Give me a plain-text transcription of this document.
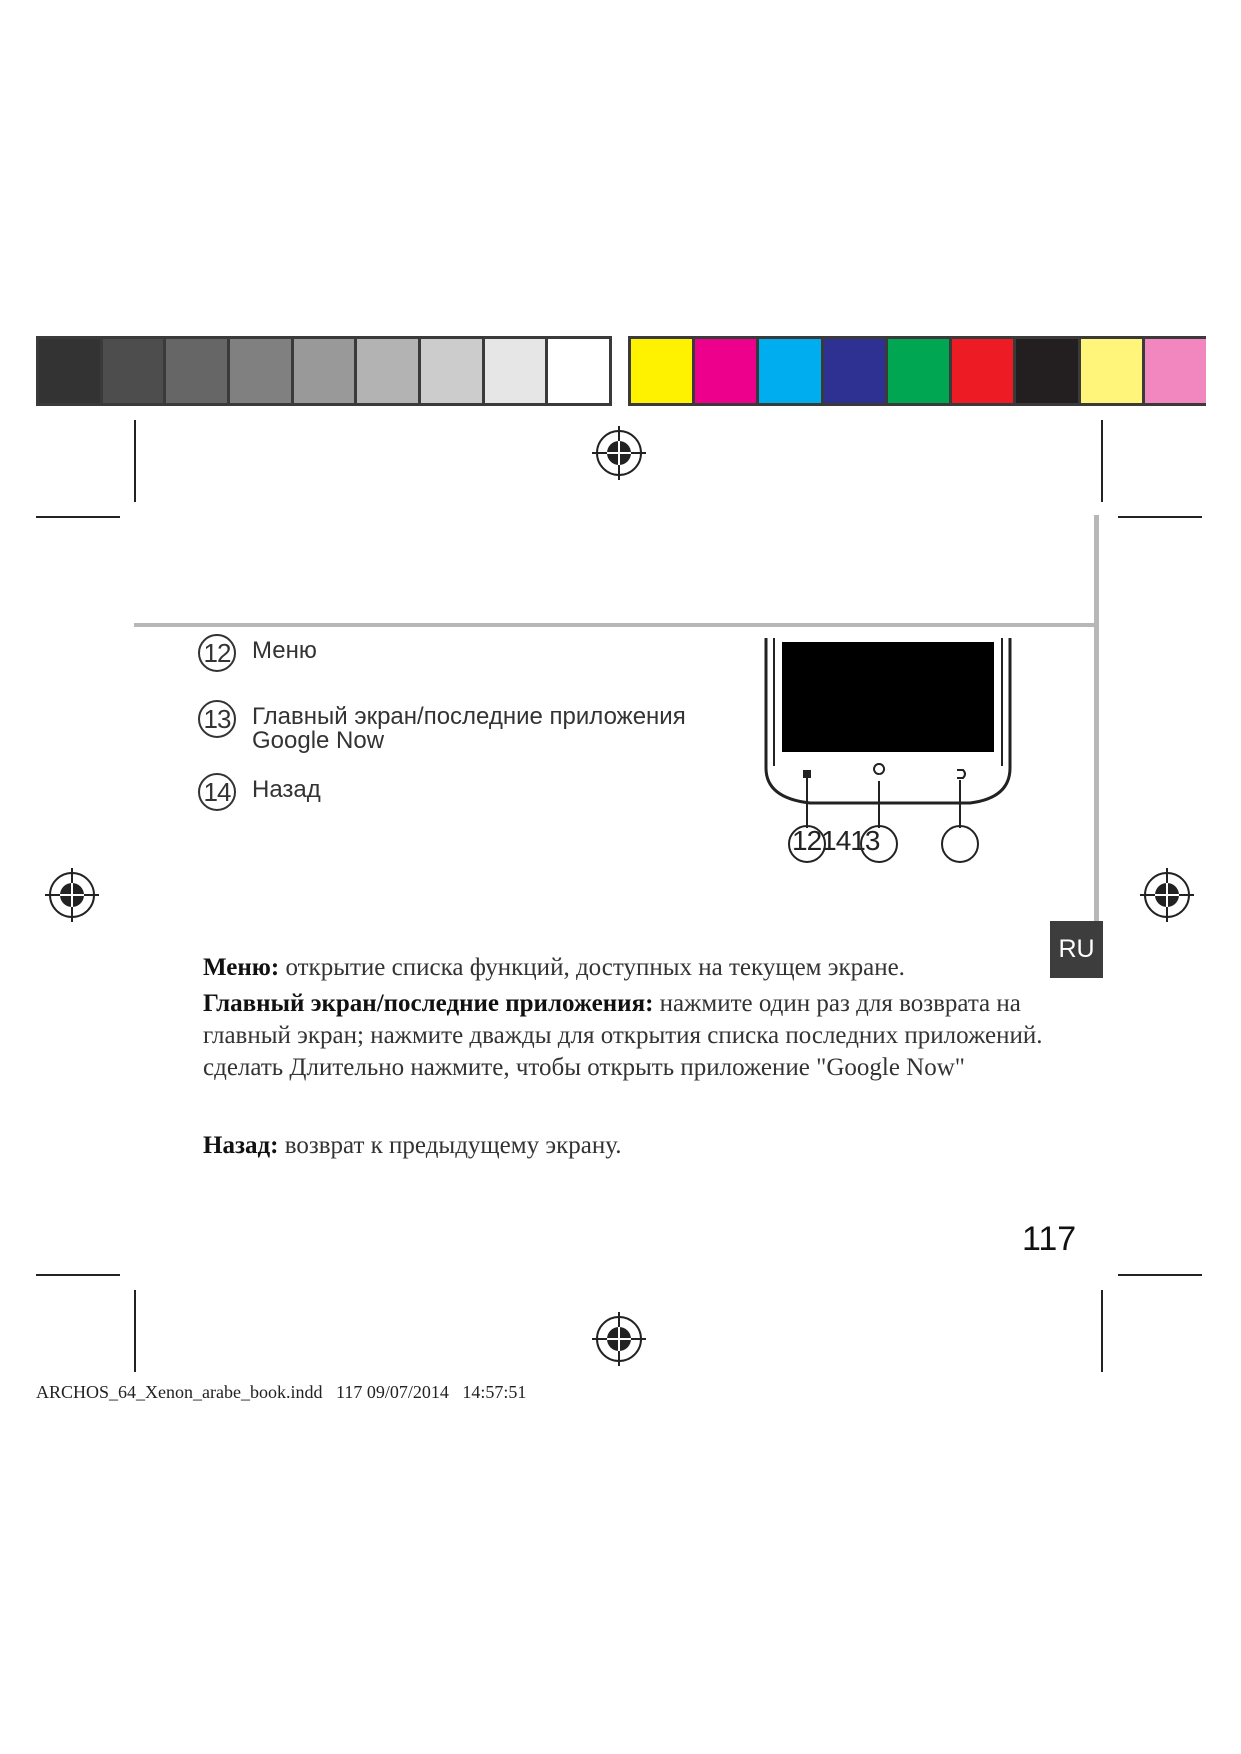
12 Меню
13 Главный экран/последние приложения
Google Now
14 Назад
121413
RU
Меню: открытие списка функций, доступных на текущем экране.
Главный экран/последние приложения: нажмите один раз для возврата на главный экран; нажмите дважды для открытия списка последних приложений. сделать Длительно нажмите, чтобы открыть приложение "Google Now"
Назад: возврат к предыдущему экрану.
117
ARCHOS_64_Xenon_arabe_book.indd 117 09/07/2014 14:57:51
